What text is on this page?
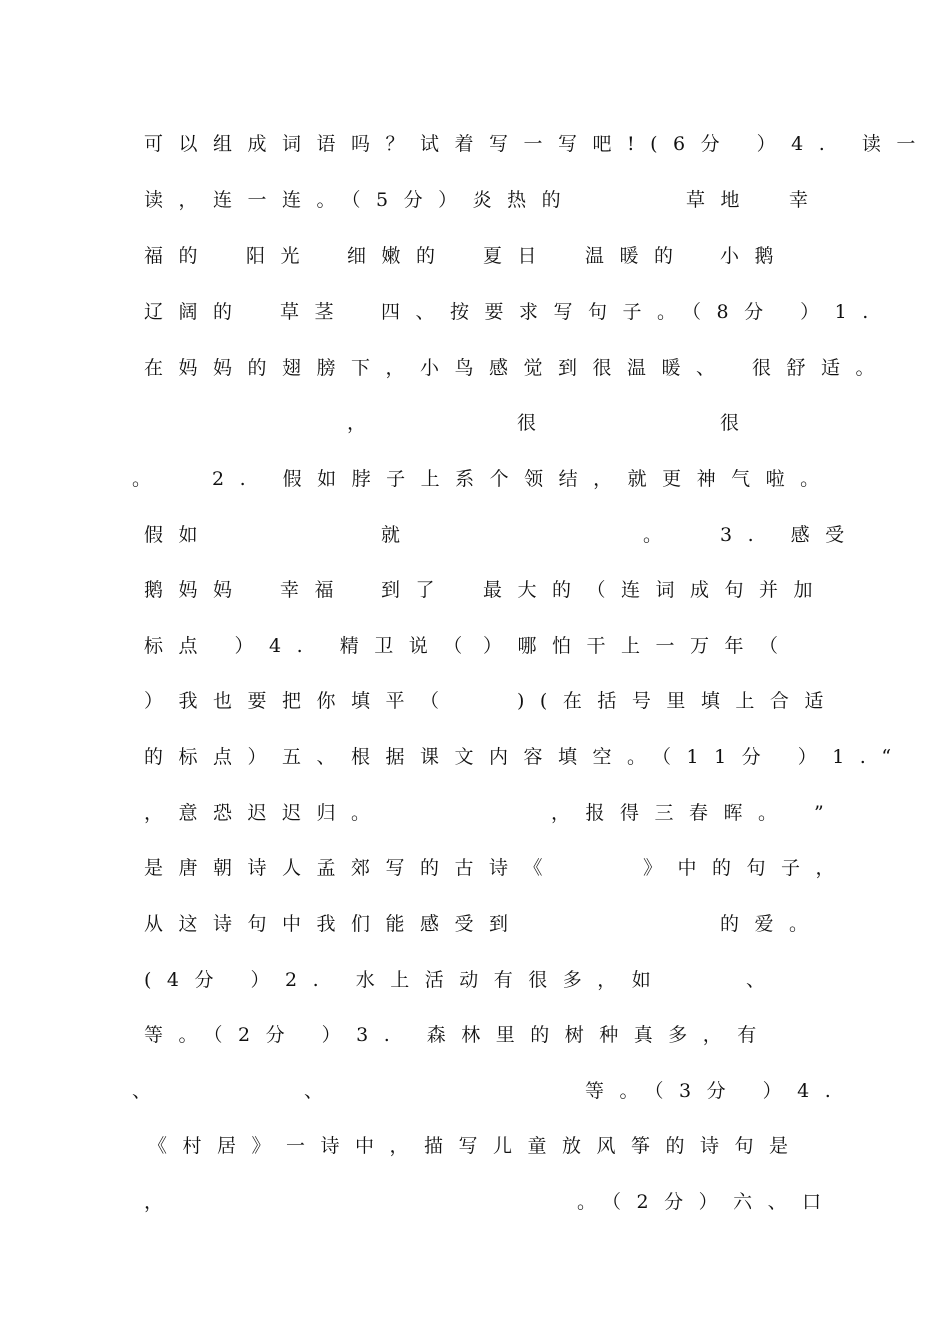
可以组成词语吗？试着写一写吧!(6分 ）4. 读一
读，连一连。（5分）炎热的	草地 幸
福的 阳光 细嫩的 夏日 温暖的 小鹅
辽阔的 草茎 四、按要求写句子。（8分 ）1.
在妈妈的翅膀下，小鸟感觉到很温暖、 很舒适。
，	很	很
。 2. 假如脖子上系个领结，就更神气啦。
假如	就	。 3. 感受
鹅妈妈 幸福 到了 最大的（连词成句并加
标点 ）4. 精卫说（ ）哪怕干上一万年（
）我也要把你填平（	)(在括号里填上合适
的标点）五、根据课文内容填空。（11分 ）1.“
，意恐迟迟归。	，报得三春晖。 ”
是唐朝诗人孟郊写的古诗《	》中的句子，
从这诗句中我们能感受到	的爱。
(4分 ）2. 水上活动有很多，如	、
等。（2分 ）3. 森林里的树种真多，有
、	、	等。（3分 ）4.
《村居》一诗中，描写儿童放风筝的诗句是
，	。（2分）六、口
